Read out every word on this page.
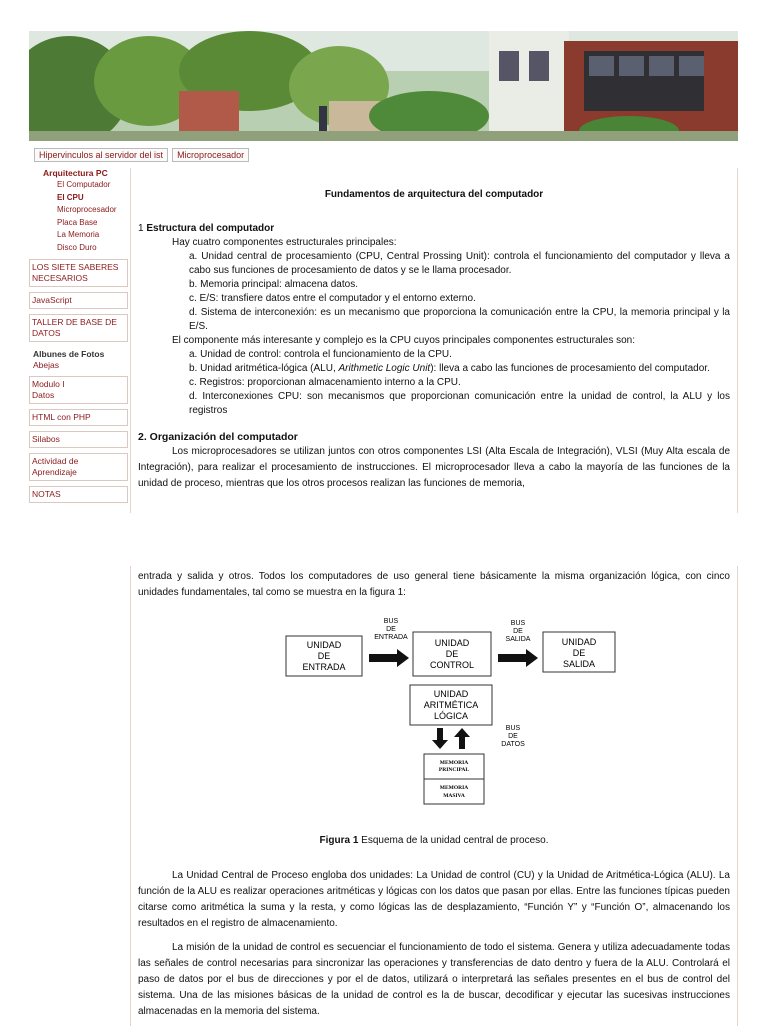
Hipervinculos al servidor del ist	Microprocesador
Arquitectura PC
El Computador
El CPU
Microprocesador
Placa Base
La Memoria
Disco Duro
LOS SIETE SABERES
NECESARIOS
JavaScript
TALLER DE BASE DE
DATOS
Albunes de Fotos
Abejas
Modulo I
Datos
HTML con PHP
Silabos
Actividad de Aprendizaje
NOTAS

Fundamentos de arquitectura del computador

1 Estructura del computador

Hay cuatro componentes estructurales principales:

a. Unidad central de procesamiento (CPU, Central Prossing Unit): controla el funcionamiento del computador y lleva a cabo sus funciones de procesamiento de datos y se le llama procesador.

b. Memoria principal: almacena datos.

c. E/S: transfiere datos entre el computador y el entorno externo.

d. Sistema de interconexión: es un mecanismo que proporciona la comunicación entre la CPU, la memoria principal y la E/S.

El componente más interesante y complejo es la CPU cuyos principales componentes estructurales son:

a. Unidad de control: controla el funcionamiento de la CPU.

b. Unidad aritmética-lógica (ALU, Arithmetic Logic Unit): lleva a cabo las funciones de procesamiento del computador.

c. Registros: proporcionan almacenamiento interno a la CPU.

d. Interconexiones CPU: son mecanismos que proporcionan comunicación entre la unidad de control, la ALU y los registros

2. Organización del computador

Los microprocesadores se utilizan juntos con otros componentes LSI (Alta Escala de Integración), VLSI (Muy Alta escala de Integración), para realizar el procesamiento de instrucciones. El microprocesador lleva a cabo la mayoría de las funciones de la unidad de proceso, mientras que los otros procesos realizan las funciones de memoria,

entrada y salida y otros. Todos los computadores de uso general tiene básicamente la misma organización lógica, con cinco unidades fundamentales, tal como se muestra en la figura 1:

UNIDAD
DE
ENTRADA
BUS
DE
ENTRADA
UNIDAD
DE
CONTROL
BUS
DE
SALIDA	UNIDAD
DE
SALIDA
UNIDAD
ARITMÉTICA
LÓGICA
BUS
DE
DATOS
MEMORIA
PRINCIPAL
MEMORIA
MASIVA
Figura 1 Esquema de la unidad central de proceso.

La Unidad Central de Proceso engloba dos unidades: La Unidad de control (CU) y la Unidad de Aritmética-Lógica (ALU). La función de la ALU es realizar operaciones aritméticas y lógicas con los datos que pasan por ellas. Entre las funciones típicas pueden citarse como aritmética la suma y la resta, y como lógicas las de desplazamiento, “Función Y” y “Función O”, almacenando los resultados en el registro de almacenamiento.

La misión de la unidad de control es secuenciar el funcionamiento de todo el sistema. Genera y utiliza adecuadamente todas las señales de control necesarias para sincronizar las operaciones y transferencias de dato dentro y fuera de la ALU. Controlará el paso de datos por el bus de direcciones y por el de datos, utilizará o interpretará las señales presentes en el bus de control del sistema. Una de las misiones básicas de la unidad de control es la de buscar, decodificar y ejecutar las sucesivas instrucciones almacenadas en la memoria del sistema.
